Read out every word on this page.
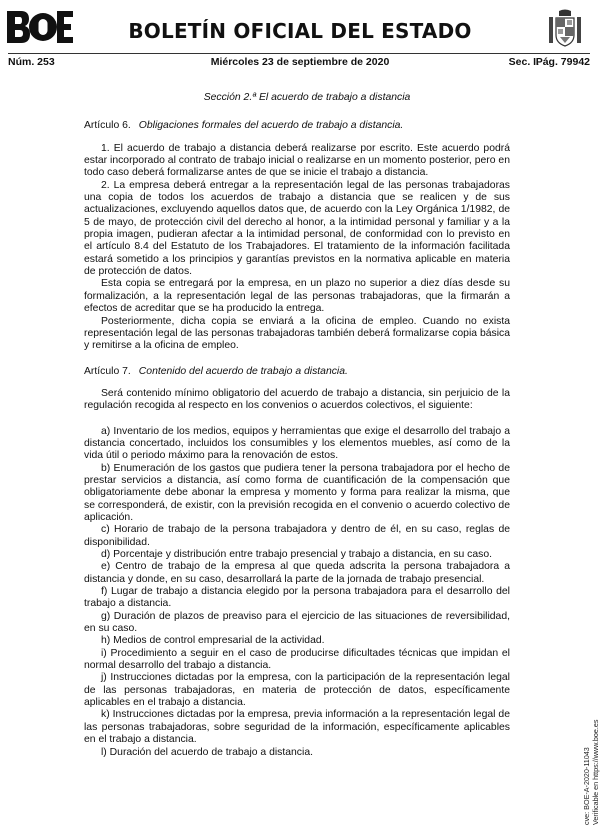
BOLETÍN OFICIAL DEL ESTADO
Núm. 253	Miércoles 23 de septiembre de 2020	Sec. I.
Pág. 79942
Sección 2.ª El acuerdo de trabajo a distancia
Artículo 6. Obligaciones formales del acuerdo de trabajo a distancia.

1. El acuerdo de trabajo a distancia deberá realizarse por escrito. Este acuerdo podrá estar incorporado al contrato de trabajo inicial o realizarse en un momento posterior, pero en todo caso deberá formalizarse antes de que se inicie el trabajo a distancia.

2. La empresa deberá entregar a la representación legal de las personas trabajadoras una copia de todos los acuerdos de trabajo a distancia que se realicen y de sus actualizaciones, excluyendo aquellos datos que, de acuerdo con la Ley Orgánica 1/1982, de 5 de mayo, de protección civil del derecho al honor, a la intimidad personal y familiar y a la propia imagen, pudieran afectar a la intimidad personal, de conformidad con lo previsto en el artículo 8.4 del Estatuto de los Trabajadores. El tratamiento de la información facilitada estará sometido a los principios y garantías previstos en la normativa aplicable en materia de protección de datos.

Esta copia se entregará por la empresa, en un plazo no superior a diez días desde su formalización, a la representación legal de las personas trabajadoras, que la firmarán a efectos de acreditar que se ha producido la entrega.

Posteriormente, dicha copia se enviará a la oficina de empleo. Cuando no exista representación legal de las personas trabajadoras también deberá formalizarse copia básica y remitirse a la oficina de empleo.

Artículo 7. Contenido del acuerdo de trabajo a distancia.

Será contenido mínimo obligatorio del acuerdo de trabajo a distancia, sin perjuicio de la regulación recogida al respecto en los convenios o acuerdos colectivos, el siguiente:

a) Inventario de los medios, equipos y herramientas que exige el desarrollo del trabajo a distancia concertado, incluidos los consumibles y los elementos muebles, así como de la vida útil o periodo máximo para la renovación de estos.

b) Enumeración de los gastos que pudiera tener la persona trabajadora por el hecho de prestar servicios a distancia, así como forma de cuantificación de la compensación que obligatoriamente debe abonar la empresa y momento y forma para realizar la misma, que se corresponderá, de existir, con la previsión recogida en el convenio o acuerdo colectivo de aplicación.

c) Horario de trabajo de la persona trabajadora y dentro de él, en su caso, reglas de disponibilidad.

d) Porcentaje y distribución entre trabajo presencial y trabajo a distancia, en su caso.

e) Centro de trabajo de la empresa al que queda adscrita la persona trabajadora a distancia y donde, en su caso, desarrollará la parte de la jornada de trabajo presencial.

f) Lugar de trabajo a distancia elegido por la persona trabajadora para el desarrollo del trabajo a distancia.

g) Duración de plazos de preaviso para el ejercicio de las situaciones de reversibilidad, en su caso.

h) Medios de control empresarial de la actividad.

i) Procedimiento a seguir en el caso de producirse dificultades técnicas que impidan el normal desarrollo del trabajo a distancia.

j) Instrucciones dictadas por la empresa, con la participación de la representación legal de las personas trabajadoras, en materia de protección de datos, específicamente aplicables en el trabajo a distancia.

k) Instrucciones dictadas por la empresa, previa información a la representación legal de las personas trabajadoras, sobre seguridad de la información, específicamente aplicables en el trabajo a distancia.

l) Duración del acuerdo de trabajo a distancia.	cve: BOE-A-2020-11043 Verificable en https://www.boe.es
